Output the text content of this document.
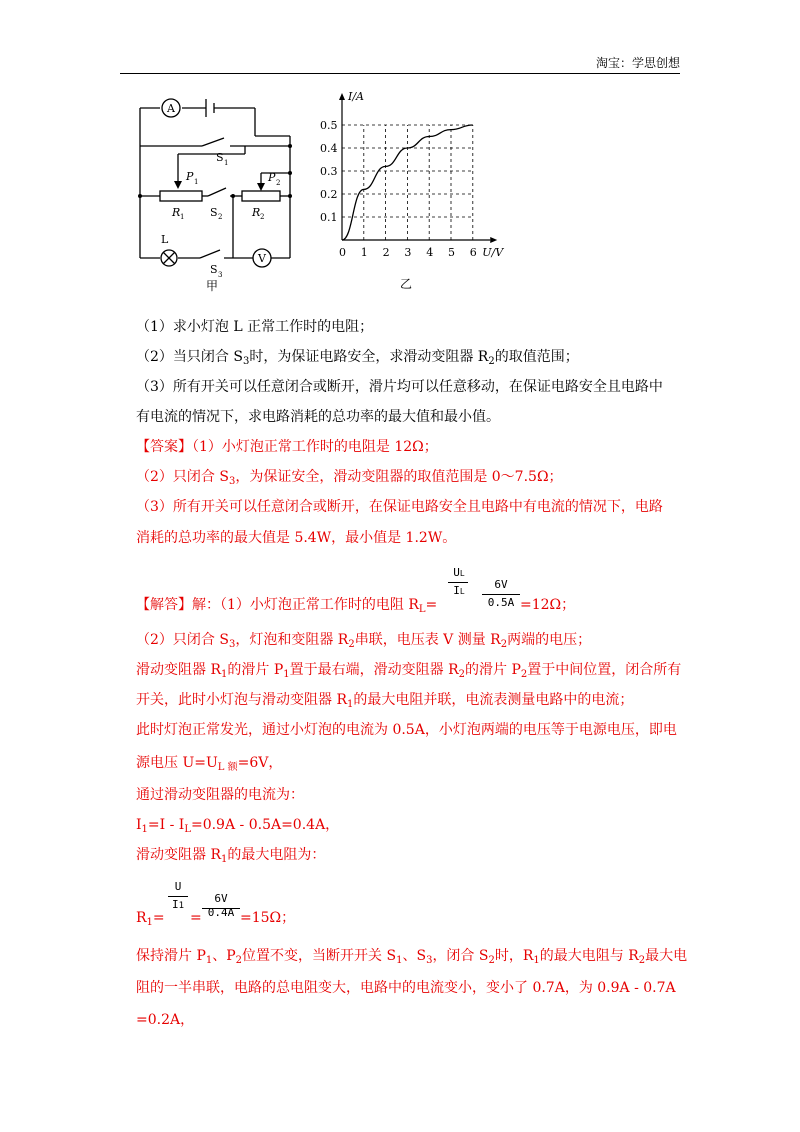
淘宝：学思创想
A
V
L
S 1
S 2
S 3
P 1	P 2
R 1	R 2
甲	乙
0.1
0.2
0.3
0.4
0.5
0 1 2 3 4 5 6
I/A
U/V
（1）求小灯泡 L 正常工作时的电阻；
（2）当只闭合 $S_3$时，为保证电路安全，求滑动变阻器 $R_2$的取值范围；
（3）所有开关可以任意闭合或断开，滑片均可以任意移动，在保证电路安全且电路中
有电流的情况下，求电路消耗的总功率的最大值和最小值。
【答案】（1）小灯泡正常工作时的电阻是 12Ω；
（2）只闭合 $S_3$，为保证安全，滑动变阻器的取值范围是 0～7.5Ω；
（3）所有开关可以任意闭合或断开，在保证电路安全且电路中有电流的情况下，电路
消耗的总功率的最大值是 5.4W，最小值是 1.2W。
UL
IL
6V
0.5A
【解答】解：（1）小灯泡正常工作时的电阻 $R_L=$	=12Ω；
（2）只闭合 $S_3$，灯泡和变阻器 $R_2$串联，电压表 V 测量 $R_2$两端的电压；
滑动变阻器 $R_1$的滑片 $P_1$置于最右端，滑动变阻器 $R_2$的滑片 $P_2$置于中间位置，闭合所有
开关，此时小灯泡与滑动变阻器 $R_1$的最大电阻并联，电流表测量电路中的电流；
此时灯泡正常发光，通过小灯泡的电流为 0.5A，小灯泡两端的电压等于电源电压，即电
源电压 $U=U_{L 额}=6V$，
通过滑动变阻器的电流为：
$I_1=I - I_L=0.9A - 0.5A=0.4A$，
滑动变阻器 $R_1$的最大电阻为：
U
I1
6V
0.4A
$R_1=$ =	=15Ω；
保持滑片 $P_1$、$P_2$位置不变，当断开开关 $S_1$、$S_3$，闭合 $S_2$时，$R_1$的最大电阻与 $R_2$最大电
阻的一半串联，电路的总电阻变大，电路中的电流变小，变小了 0.7A，为 0.9A - 0.7A
=0.2A，
